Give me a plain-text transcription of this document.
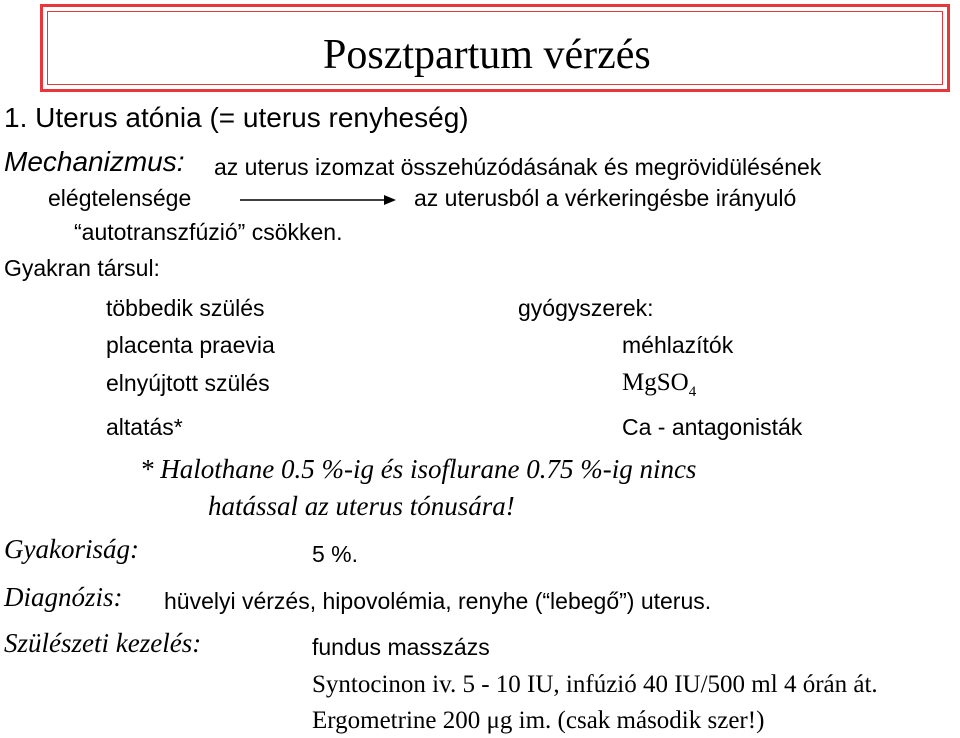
Posztpartum vérzés
1. Uterus atónia (= uterus renyheség)
Mechanizmus: az uterus izomzat összehúzódásának és megrövidülésének
elégtelensége	az uterusból a vérkeringésbe irányuló
“autotranszfúzió” csökken.
Gyakran társul:
többedik szülés
placenta praevia
elnyújtott szülés
altatás*
gyógyszerek:
méhlazítók
MgSO$_4$
Ca - antagonisták
* Halothane 0.5 %-ig és isoflurane 0.75 %-ig nincs
hatással az uterus tónusára!
Gyakoriság:	5 %.
Diagnózis: hüvelyi vérzés, hipovolémia, renyhe (“lebegő”) uterus.
Szülészeti kezelés:	fundus masszázs
Syntocinon iv. 5 - 10 IU, infúzió 40 IU/500 ml 4 órán át.
Ergometrine 200 μg im. (csak második szer!)
